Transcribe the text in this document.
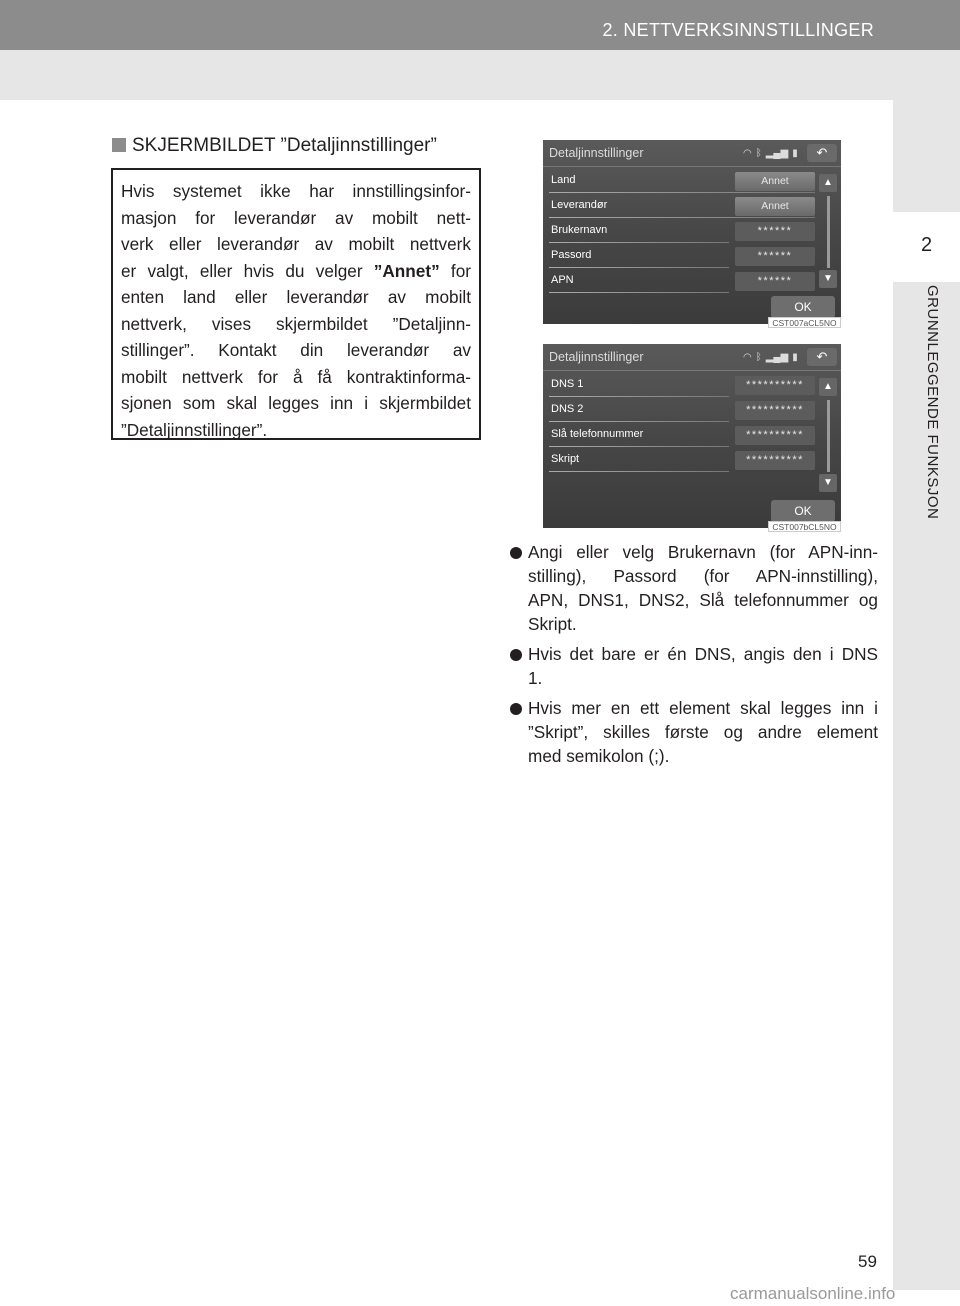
2. NETTVERKSINNSTILLINGER
2
GRUNNLEGGENDE FUNKSJON
SKJERMBILDET ”Detaljinnstillinger”
Hvis systemet ikke har innstillingsinfor-
masjon for leverandør av mobilt nett-
verk eller leverandør av mobilt nettverk
er valgt, eller hvis du velger ”Annet” for
enten land eller leverandør av mobilt
nettverk, vises skjermbildet ”Detaljinn-
stillinger”. Kontakt din leverandør av
mobilt nettverk for å få kontraktinforma-
sjonen som skal legges inn i skjermbildet
”Detaljinnstillinger”.
Detaljinnstillinger	◠ ᛒ ▂▄▆ ▮	↶
Land	Annet
Leverandør	Annet
Brukernavn	******
Passord	******
APN	******
▲
▼
OK
CST007aCL5NO
Detaljinnstillinger	◠ ᛒ ▂▄▆ ▮	↶
DNS 1	**********
DNS 2	**********
Slå telefonnummer	**********
Skript	**********
▲
▼
OK
CST007bCL5NO
Angi eller velg Brukernavn (for APN-inn-
stilling), Passord (for APN-innstilling),
APN, DNS1, DNS2, Slå telefonnummer og
Skript.
Hvis det bare er én DNS, angis den i DNS
1.
Hvis mer en ett element skal legges inn i
”Skript”, skilles første og andre element
med semikolon (;).
59
carmanualsonline.info
